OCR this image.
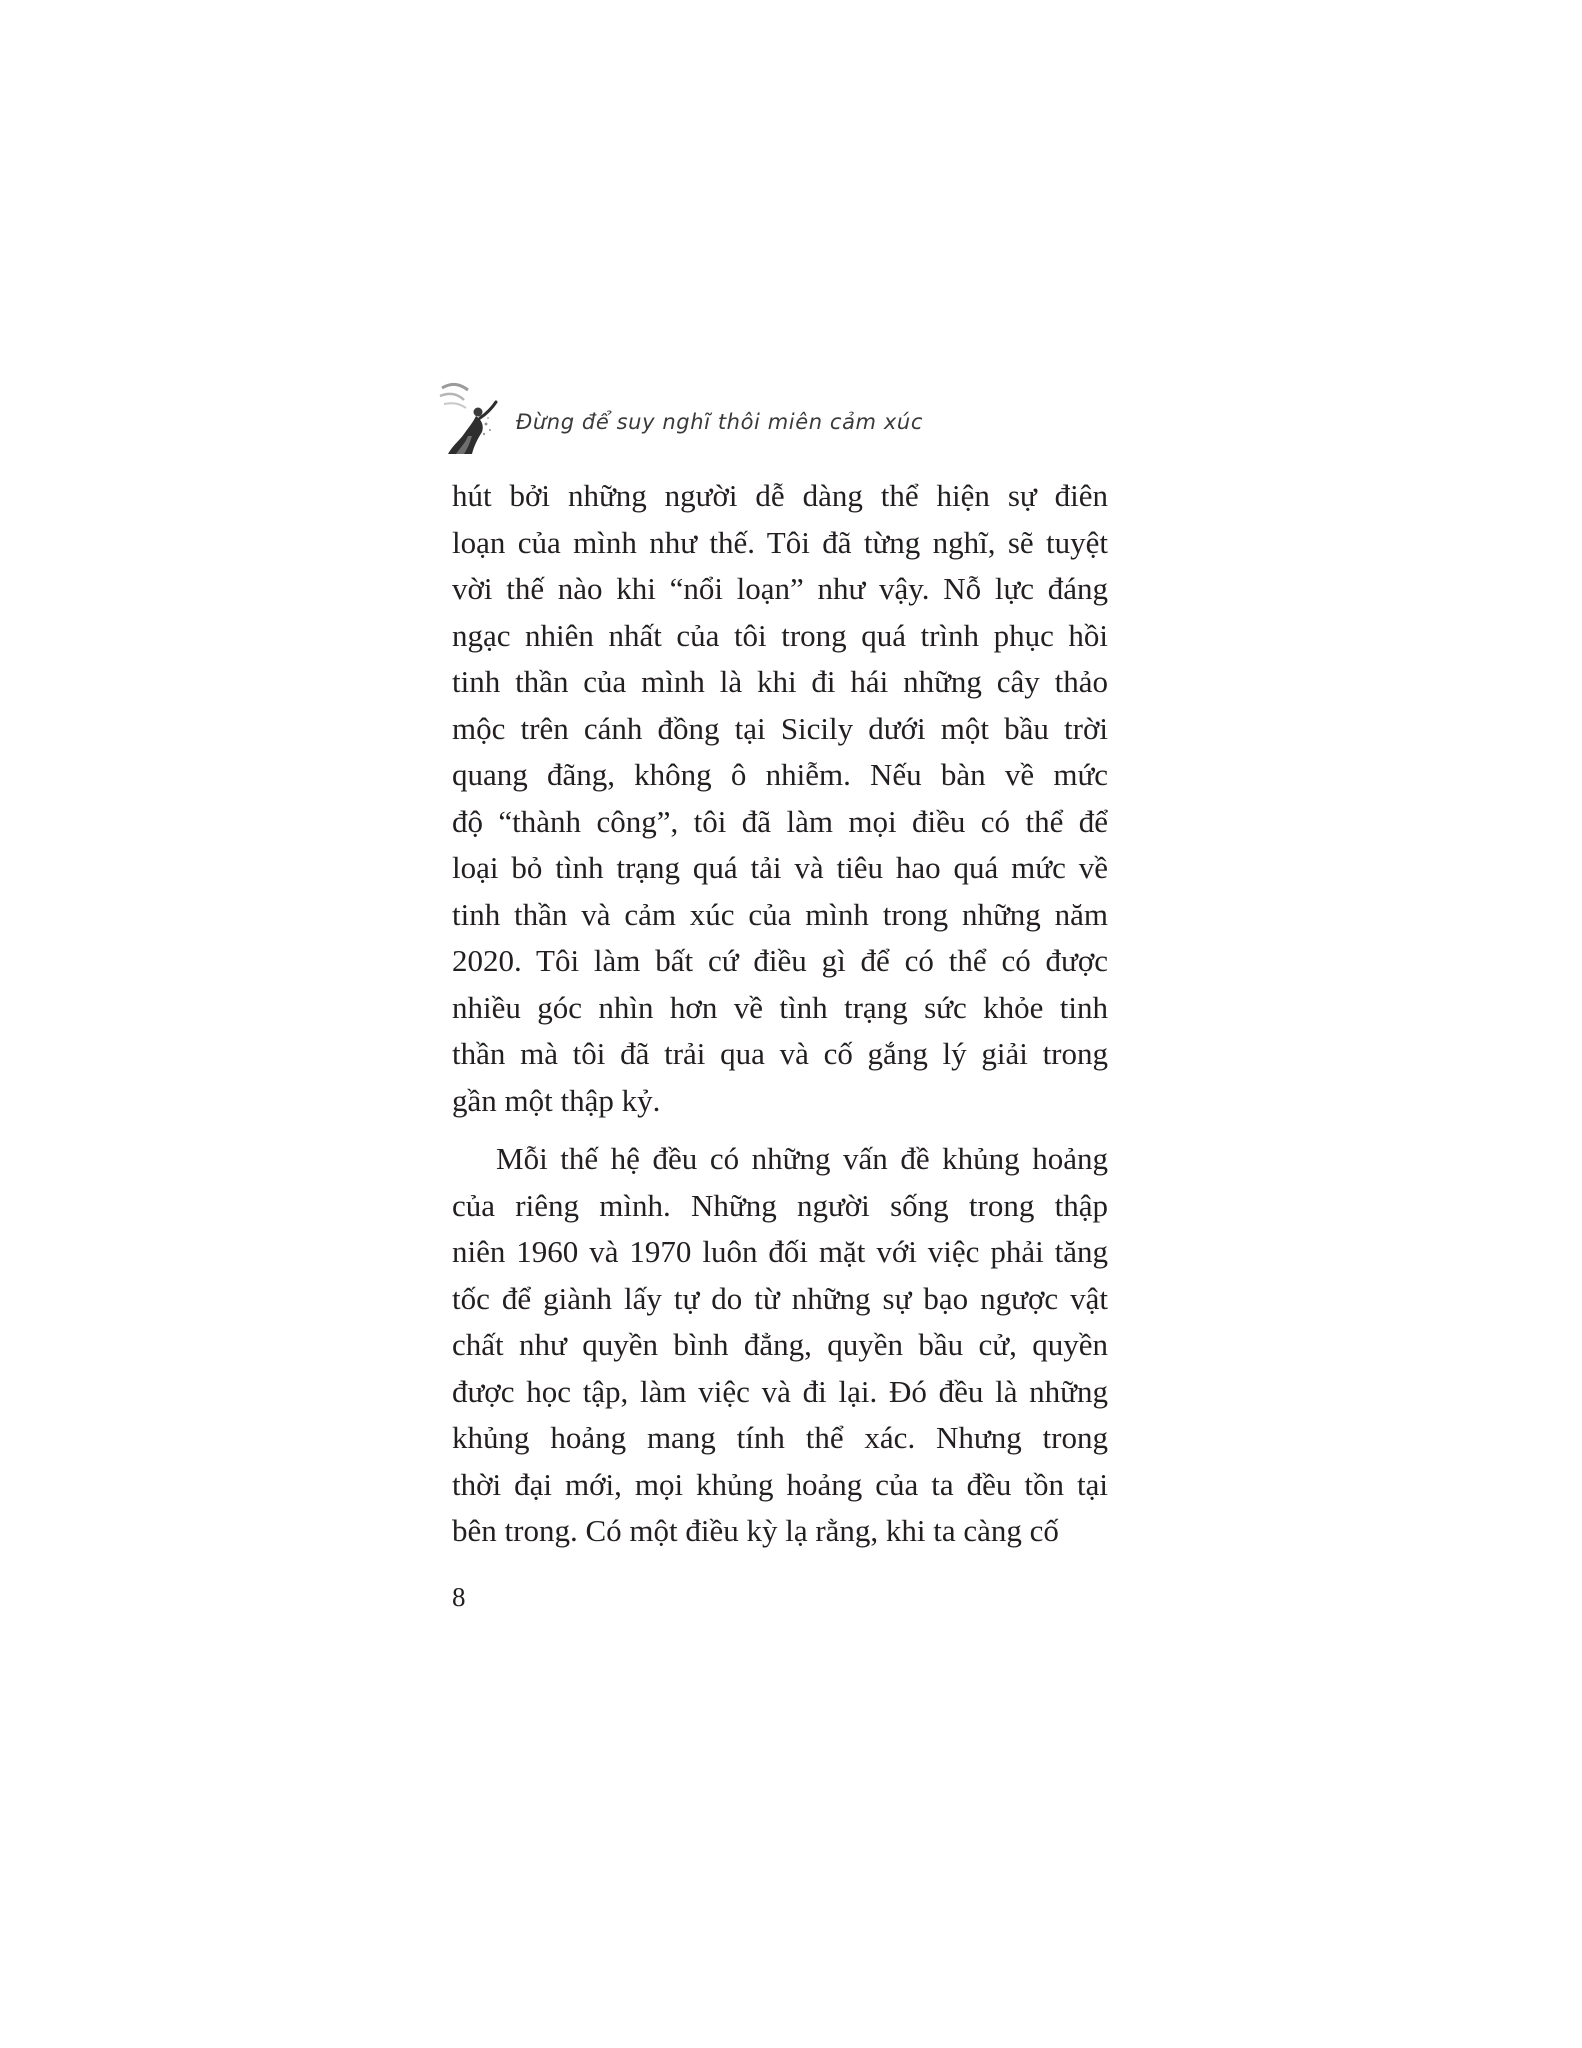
Đừng để suy nghĩ thôi miên cảm xúc

hút bởi những người dễ dàng thể hiện sự điên

loạn của mình như thế. Tôi đã từng nghĩ, sẽ tuyệt

vời thế nào khi “nổi loạn” như vậy. Nỗ lực đáng

ngạc nhiên nhất của tôi trong quá trình phục hồi

tinh thần của mình là khi đi hái những cây thảo

mộc trên cánh đồng tại Sicily dưới một bầu trời

quang đãng, không ô nhiễm. Nếu bàn về mức

độ “thành công”, tôi đã làm mọi điều có thể để

loại bỏ tình trạng quá tải và tiêu hao quá mức về

tinh thần và cảm xúc của mình trong những năm

2020. Tôi làm bất cứ điều gì để có thể có được

nhiều góc nhìn hơn về tình trạng sức khỏe tinh

thần mà tôi đã trải qua và cố gắng lý giải trong

gần một thập kỷ.

Mỗi thế hệ đều có những vấn đề khủng hoảng

của riêng mình. Những người sống trong thập

niên 1960 và 1970 luôn đối mặt với việc phải tăng

tốc để giành lấy tự do từ những sự bạo ngược vật

chất như quyền bình đẳng, quyền bầu cử, quyền

được học tập, làm việc và đi lại. Đó đều là những

khủng hoảng mang tính thể xác. Nhưng trong

thời đại mới, mọi khủng hoảng của ta đều tồn tại

bên trong. Có một điều kỳ lạ rằng, khi ta càng cố

8
